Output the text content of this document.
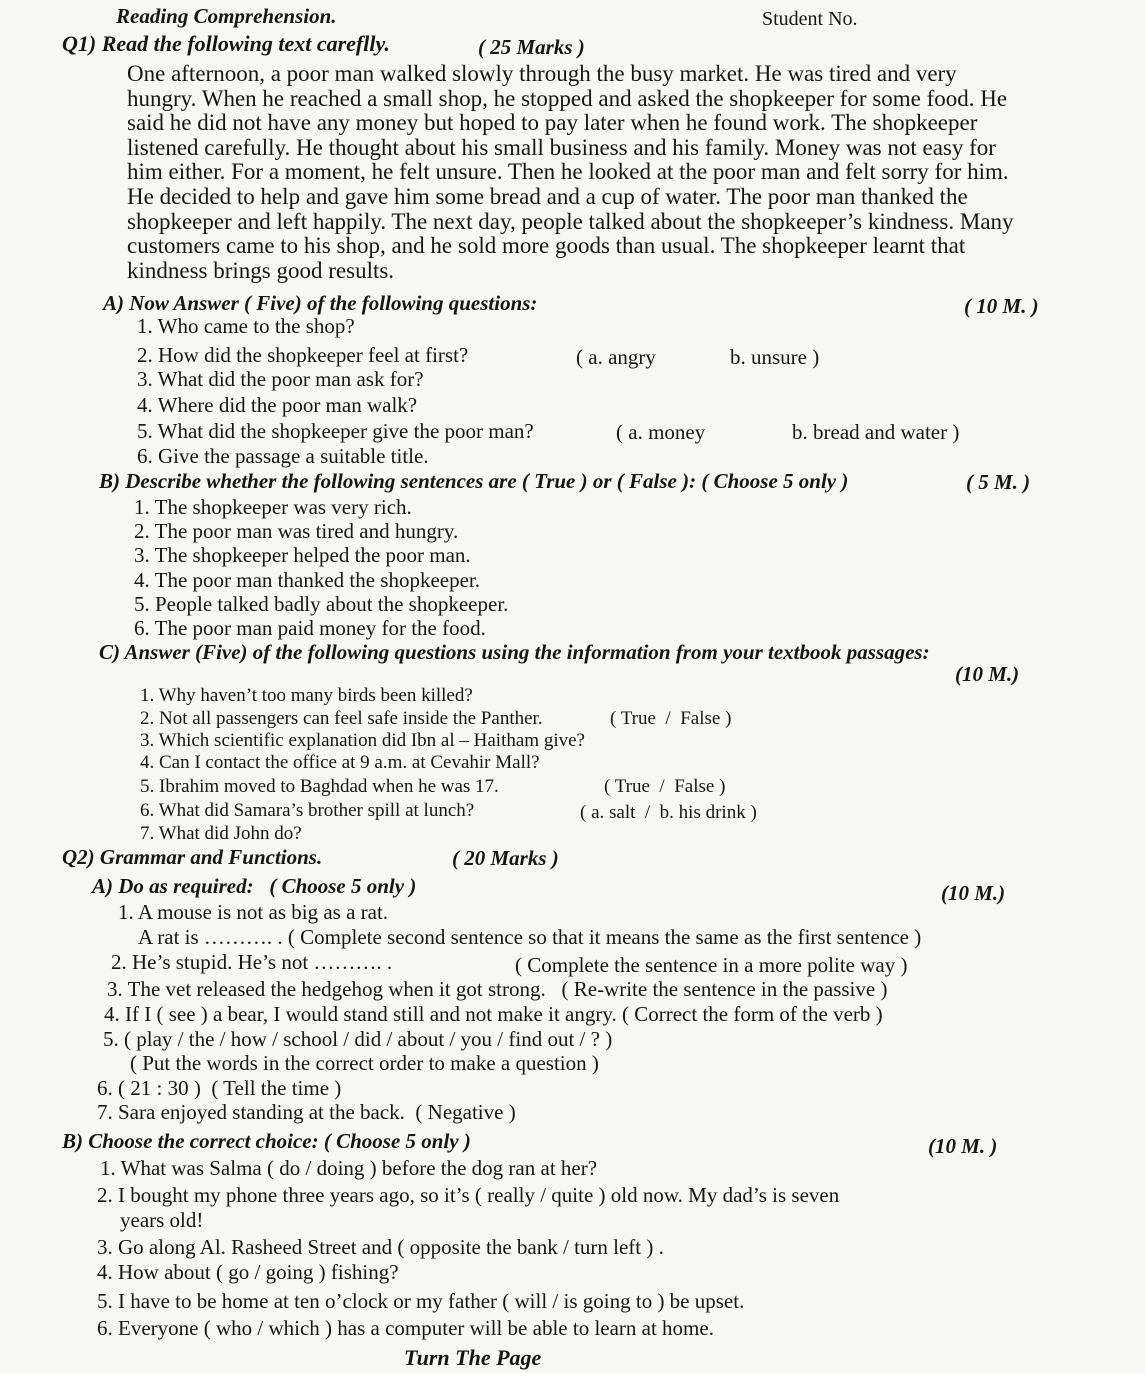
Reading Comprehension.	Student No.
Q1) Read the following text careflly.	( 25 Marks )
One afternoon, a poor man walked slowly through the busy market. He was tired and very
hungry. When he reached a small shop, he stopped and asked the shopkeeper for some food. He
said he did not have any money but hoped to pay later when he found work. The shopkeeper
listened carefully. He thought about his small business and his family. Money was not easy for
him either. For a moment, he felt unsure. Then he looked at the poor man and felt sorry for him.
He decided to help and gave him some bread and a cup of water. The poor man thanked the
shopkeeper and left happily. The next day, people talked about the shopkeeper’s kindness. Many
customers came to his shop, and he sold more goods than usual. The shopkeeper learnt that
kindness brings good results.
A) Now Answer ( Five) of the following questions:	( 10 M. )
1. Who came to the shop?
2. How did the shopkeeper feel at first?	( a. angry	b. unsure )
3. What did the poor man ask for?
4. Where did the poor man walk?
5. What did the shopkeeper give the poor man?	( a. money	b. bread and water )
6. Give the passage a suitable title.
B) Describe whether the following sentences are ( True ) or ( False ): ( Choose 5 only )	( 5 M. )
1. The shopkeeper was very rich.
2. The poor man was tired and hungry.
3. The shopkeeper helped the poor man.
4. The poor man thanked the shopkeeper.
5. People talked badly about the shopkeeper.
6. The poor man paid money for the food.
C) Answer (Five) of the following questions using the information from your textbook passages:
(10 M.)
1. Why haven’t too many birds been killed?
2. Not all passengers can feel safe inside the Panther.	( True  /  False )
3. Which scientific explanation did Ibn al – Haitham give?
4. Can I contact the office at 9 a.m. at Cevahir Mall?
5. Ibrahim moved to Baghdad when he was 17.	( True  /  False )
6. What did Samara’s brother spill at lunch?	( a. salt  /  b. his drink )
7. What did John do?
Q2) Grammar and Functions.	( 20 Marks )
A) Do as required:   ( Choose 5 only )	(10 M.)
1. A mouse is not as big as a rat.
A rat is ………. . ( Complete second sentence so that it means the same as the first sentence )
2. He’s stupid. He’s not ………. .	( Complete the sentence in a more polite way )
3. The vet released the hedgehog when it got strong.   ( Re-write the sentence in the passive )
4. If I ( see ) a bear, I would stand still and not make it angry. ( Correct the form of the verb )
5. ( play / the / how / school / did / about / you / find out / ? )
( Put the words in the correct order to make a question )
6. ( 21 : 30 )  ( Tell the time )
7. Sara enjoyed standing at the back.  ( Negative )
B) Choose the correct choice: ( Choose 5 only )	(10 M. )
1. What was Salma ( do / doing ) before the dog ran at her?
2. I bought my phone three years ago, so it’s ( really / quite ) old now. My dad’s is seven
years old!
3. Go along Al. Rasheed Street and ( opposite the bank / turn left ) .
4. How about ( go / going ) fishing?
5. I have to be home at ten o’clock or my father ( will / is going to ) be upset.
6. Everyone ( who / which ) has a computer will be able to learn at home.
Turn The Page
